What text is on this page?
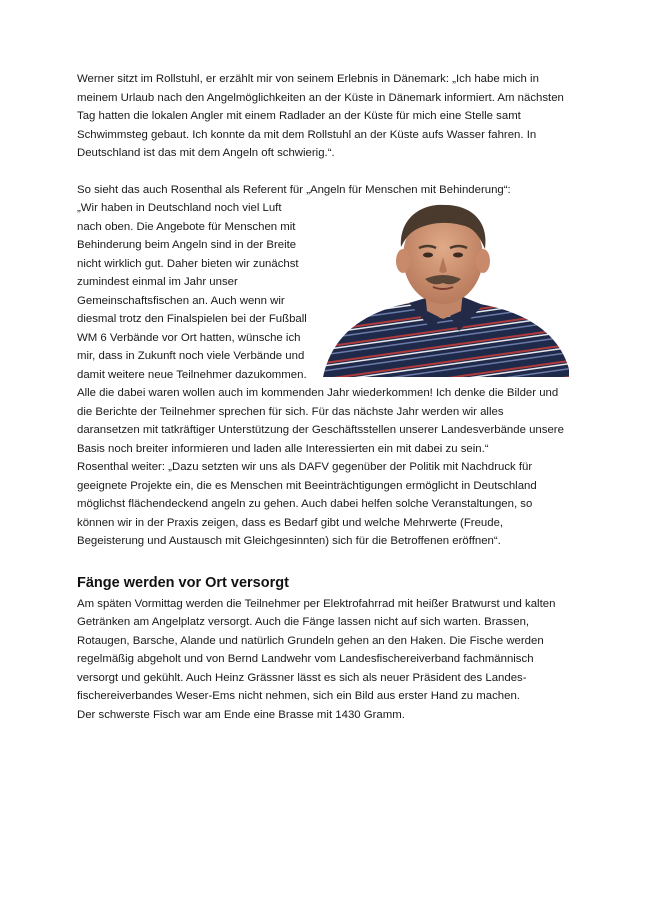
Werner sitzt im Rollstuhl, er erzählt mir von seinem Erlebnis in Dänemark: „Ich habe mich in meinem Urlaub nach den Angelmöglichkeiten an der Küste in Dänemark informiert. Am nächsten Tag hatten die lokalen Angler mit einem Radlader an der Küste für mich eine Stelle samt Schwimmsteg gebaut. Ich konnte da mit dem Rollstuhl an der Küste aufs Wasser fahren. In Deutschland ist das mit dem Angeln oft schwierig.“.

So sieht das auch Rosenthal als Referent für „Angeln für Menschen mit Behinderung“:

„Wir haben in Deutschland noch viel Luft nach oben. Die Angebote für Menschen mit Behinderung beim Angeln sind in der Breite nicht wirklich gut. Daher bieten wir zunächst zumindest einmal im Jahr unser Gemeinschaftsfischen an. Auch wenn wir diesmal trotz den Finalspielen bei der Fußball WM 6 Verbände vor Ort hatten, wünsche ich mir, dass in Zukunft noch viele Verbände und damit weitere neue Teilnehmer dazukommen. Alle die dabei waren wollen auch im kommenden Jahr wiederkommen! Ich denke die Bilder und die Berichte der Teilnehmer sprechen für sich. Für das nächste Jahr werden wir alles daransetzen mit tatkräftiger Unterstützung der Geschäftsstellen unserer Landesverbände unsere Basis noch breiter informieren und laden alle Interessierten ein mit dabei zu sein.“

Rosenthal weiter: „Dazu setzten wir uns als DAFV gegenüber der Politik mit Nachdruck für geeignete Projekte ein, die es Menschen mit Beeinträchtigungen ermöglicht in Deutschland möglichst flächendeckend angeln zu gehen. Auch dabei helfen solche Veranstaltungen, so können wir in der Praxis zeigen, dass es Bedarf gibt und welche Mehrwerte (Freude, Begeisterung und Austausch mit Gleichgesinnten) sich für die Betroffenen eröffnen“.

Fänge werden vor Ort versorgt

Am späten Vormittag werden die Teilnehmer per Elektrofahrrad mit heißer Bratwurst und kalten Getränken am Angelplatz versorgt. Auch die Fänge lassen nicht auf sich warten. Brassen, Rotaugen, Barsche, Alande und natürlich Grundeln gehen an den Haken. Die Fische werden regelmäßig abgeholt und von Bernd Landwehr vom Landesfischereiverband fachmännisch versorgt und gekühlt. Auch Heinz Grässner lässt es sich als neuer Präsident des Landes-fischereiverbandes Weser-Ems nicht nehmen, sich ein Bild aus erster Hand zu machen.

Der schwerste Fisch war am Ende eine Brasse mit 1430 Gramm.
